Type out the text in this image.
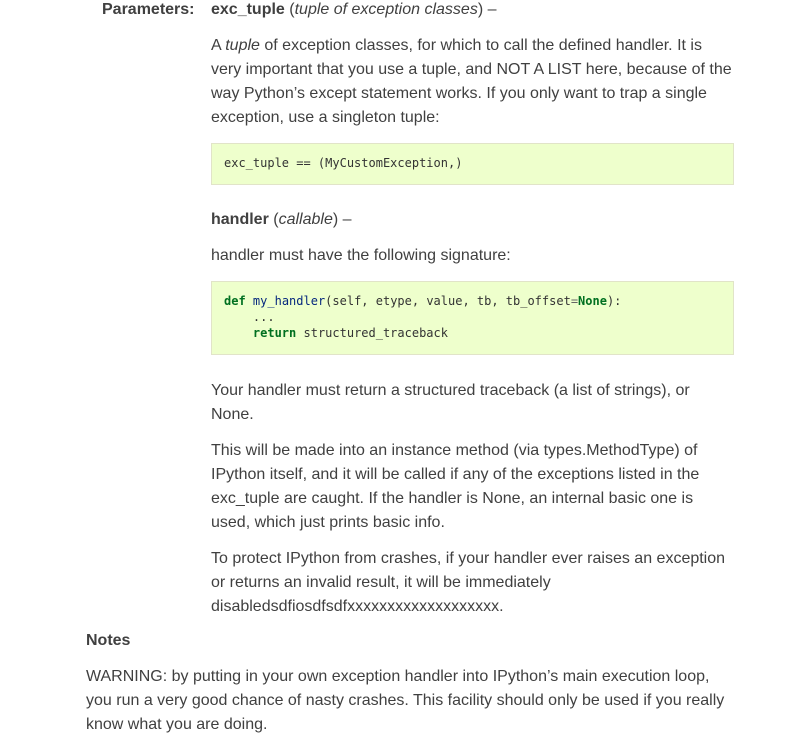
Parameters: exc_tuple (tuple of exception classes) –

A tuple of exception classes, for which to call the defined handler. It is very important that you use a tuple, and NOT A LIST here, because of the way Python’s except statement works. If you only want to trap a single exception, use a singleton tuple:

exc_tuple == (MyCustomException,)

handler (callable) –

handler must have the following signature:

def my_handler(self, etype, value, tb, tb_offset=None):
...
return structured_traceback

Your handler must return a structured traceback (a list of strings), or None.

This will be made into an instance method (via types.MethodType) of IPython itself, and it will be called if any of the exceptions listed in the exc_tuple are caught. If the handler is None, an internal basic one is used, which just prints basic info.

To protect IPython from crashes, if your handler ever raises an exception or returns an invalid result, it will be immediately disabledsdfiosdfsdfxxxxxxxxxxxxxxxxxxx.

Notes

WARNING: by putting in your own exception handler into IPython’s main execution loop, you run a very good chance of nasty crashes. This facility should only be used if you really know what you are doing.
